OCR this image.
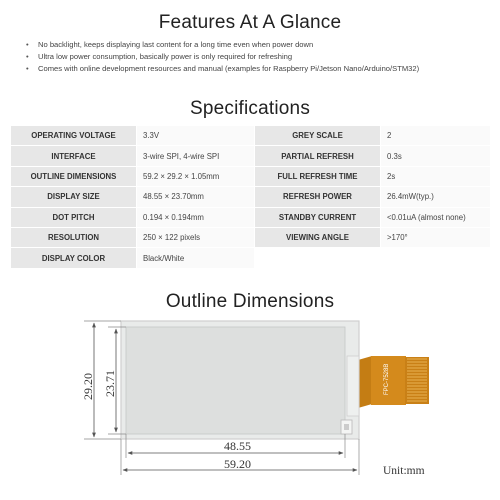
Features At A Glance
• No backlight, keeps displaying last content for a long time even when power down
• Ultra low power consumption, basically power is only required for refreshing
• Comes with online development resources and manual (examples for Raspberry Pi/Jetson Nano/Arduino/STM32)
Specifications
OPERATING VOLTAGE	3.3V	GREY SCALE	2
INTERFACE	3-wire SPI, 4-wire SPI	PARTIAL REFRESH	0.3s
OUTLINE DIMENSIONS	59.2 × 29.2 × 1.05mm	FULL REFRESH TIME	2s
DISPLAY SIZE	48.55 × 23.70mm	REFRESH POWER	26.4mW(typ.)
DOT PITCH	0.194 × 0.194mm	STANDBY CURRENT	<0.01uA (almost none)
RESOLUTION	250 × 122 pixels	VIEWING ANGLE	>170°
DISPLAY COLOR	Black/White		
Outline Dimensions
FPC-7528B
29.20 23.71
48.55
59.20	Unit:mm
